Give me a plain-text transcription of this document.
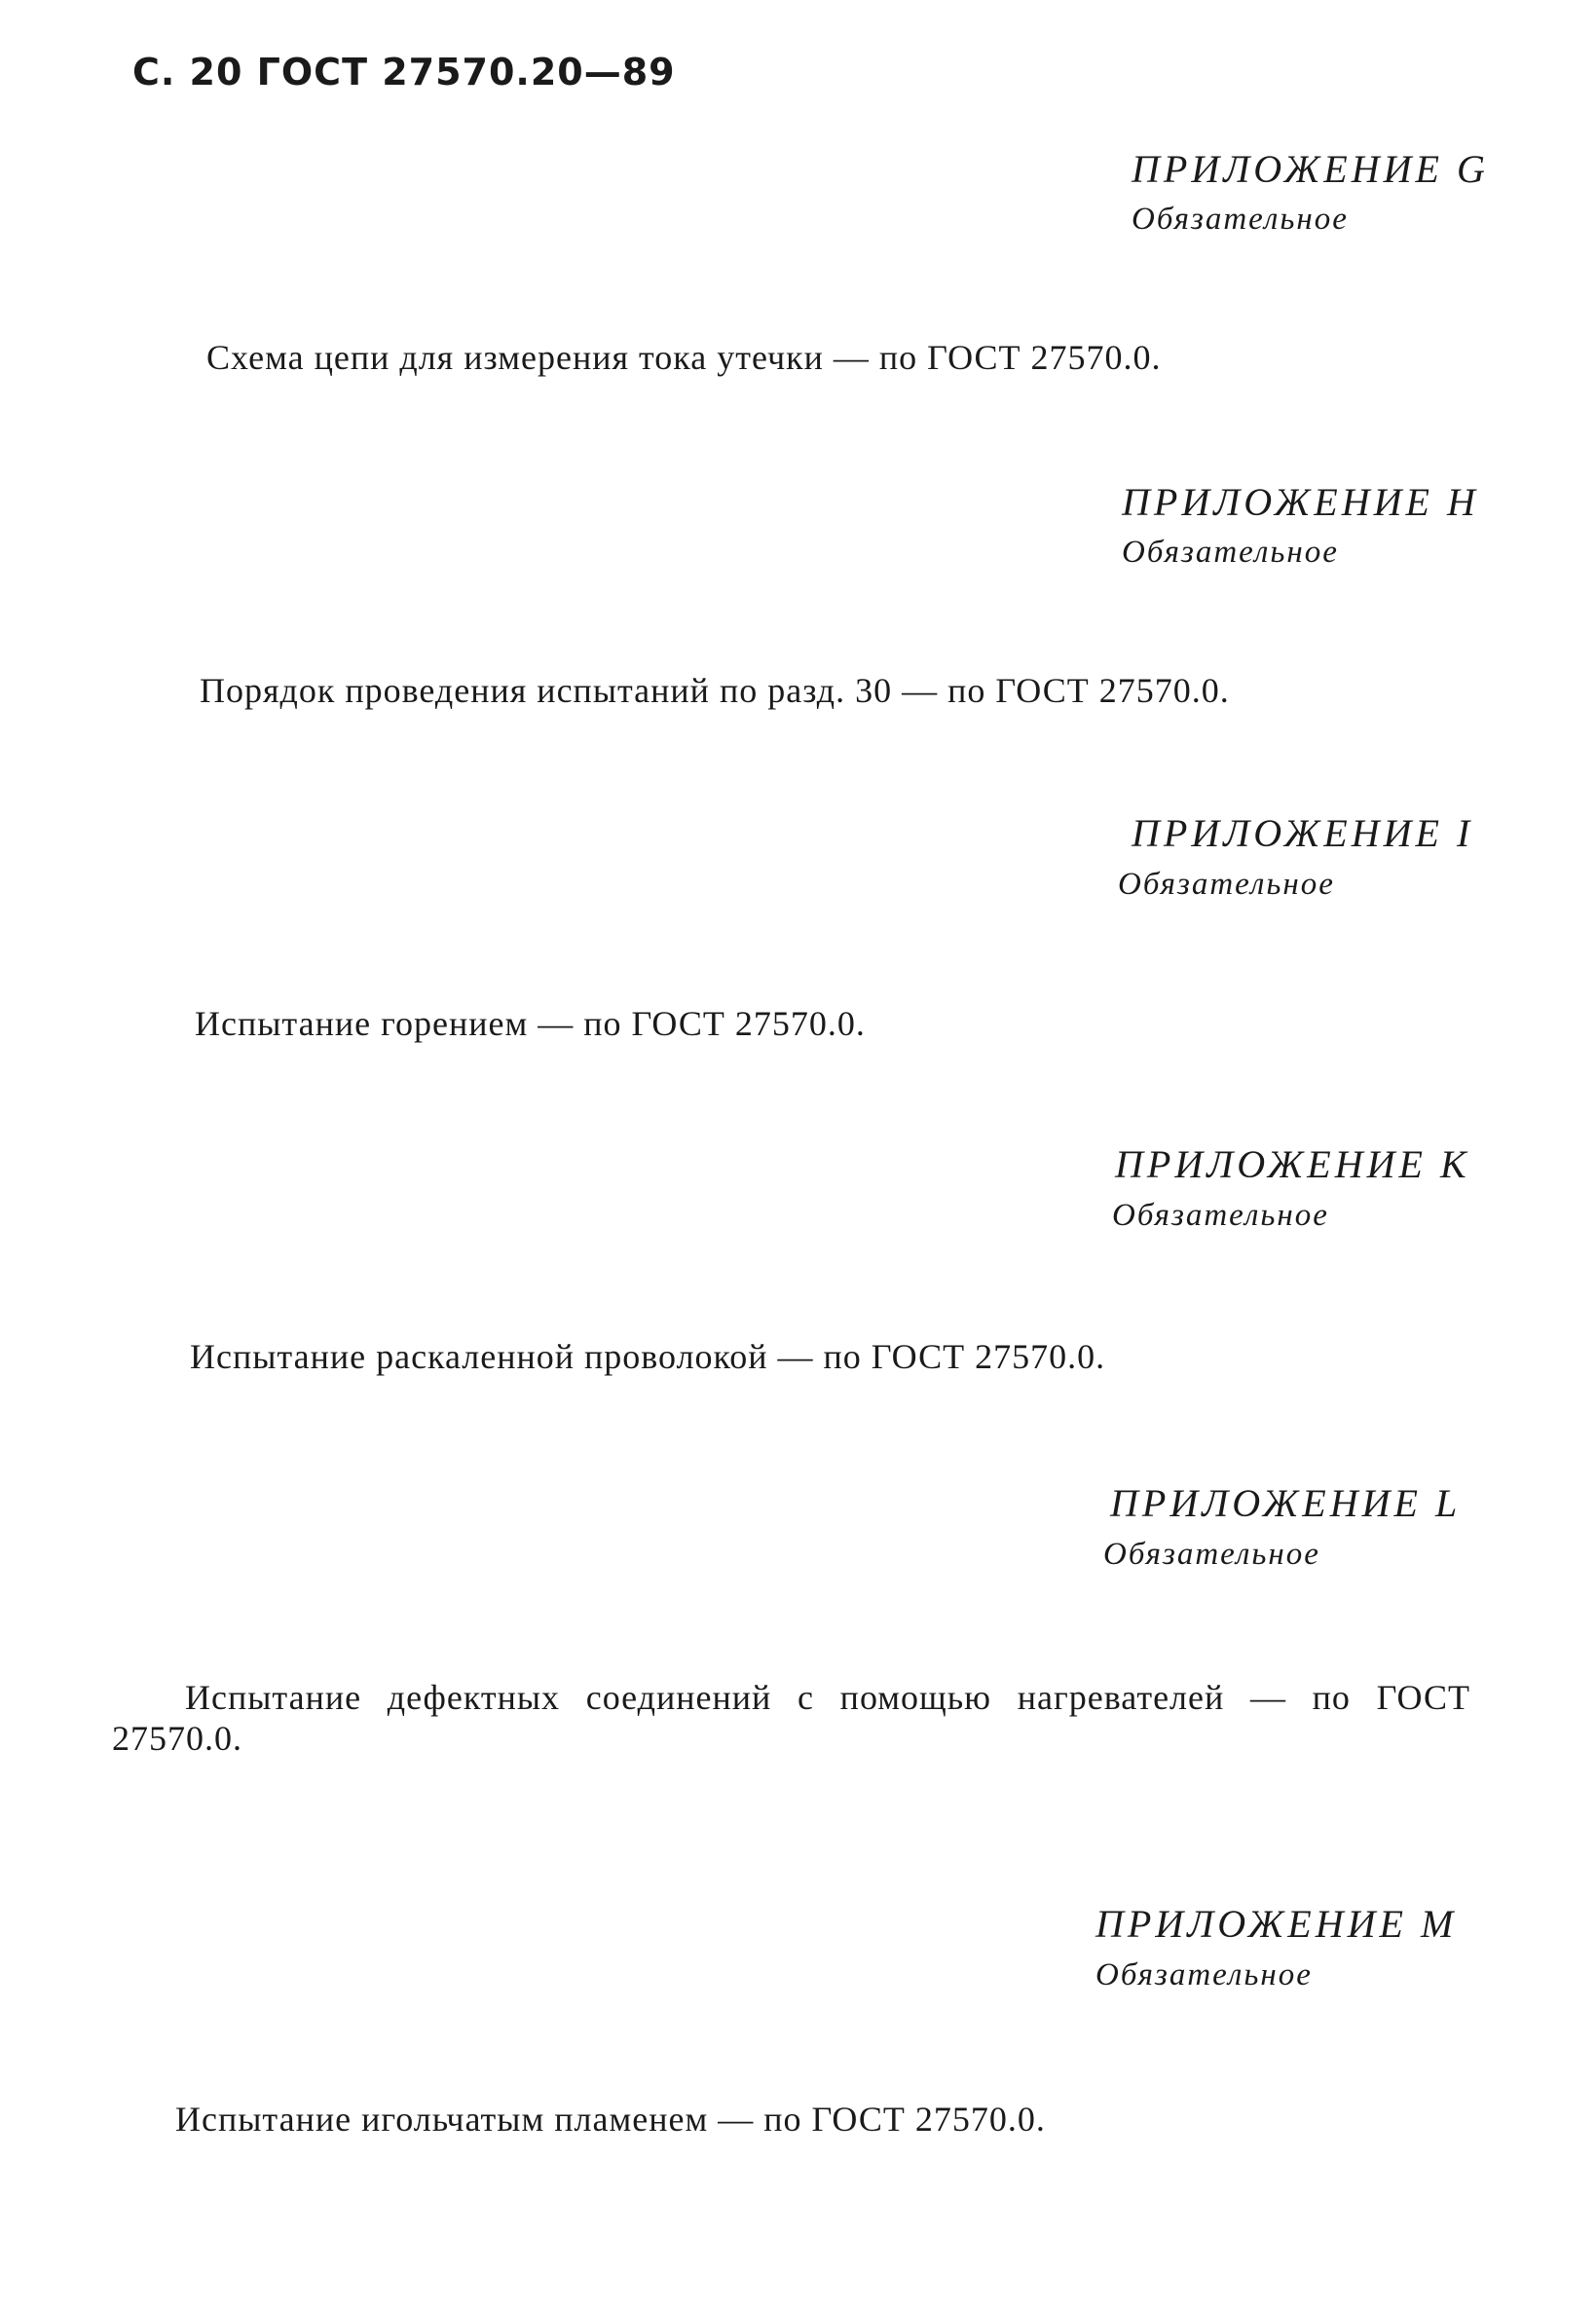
С. 20 ГОСТ 27570.20—89
ПРИЛОЖЕНИЕ G
Обязательное
Схема цепи для измерения тока утечки — по ГОСТ 27570.0.
ПРИЛОЖЕНИЕ H
Обязательное
Порядок проведения испытаний по разд. 30 — по ГОСТ 27570.0.
ПРИЛОЖЕНИЕ I
Обязательное
Испытание горением — по ГОСТ 27570.0.
ПРИЛОЖЕНИЕ K
Обязательное
Испытание раскаленной проволокой — по ГОСТ 27570.0.
ПРИЛОЖЕНИЕ L
Обязательное
Испытание дефектных соединений с помощью нагревателей — по ГОСТ 27570.0.
ПРИЛОЖЕНИЕ M
Обязательное
Испытание игольчатым пламенем — по ГОСТ 27570.0.
